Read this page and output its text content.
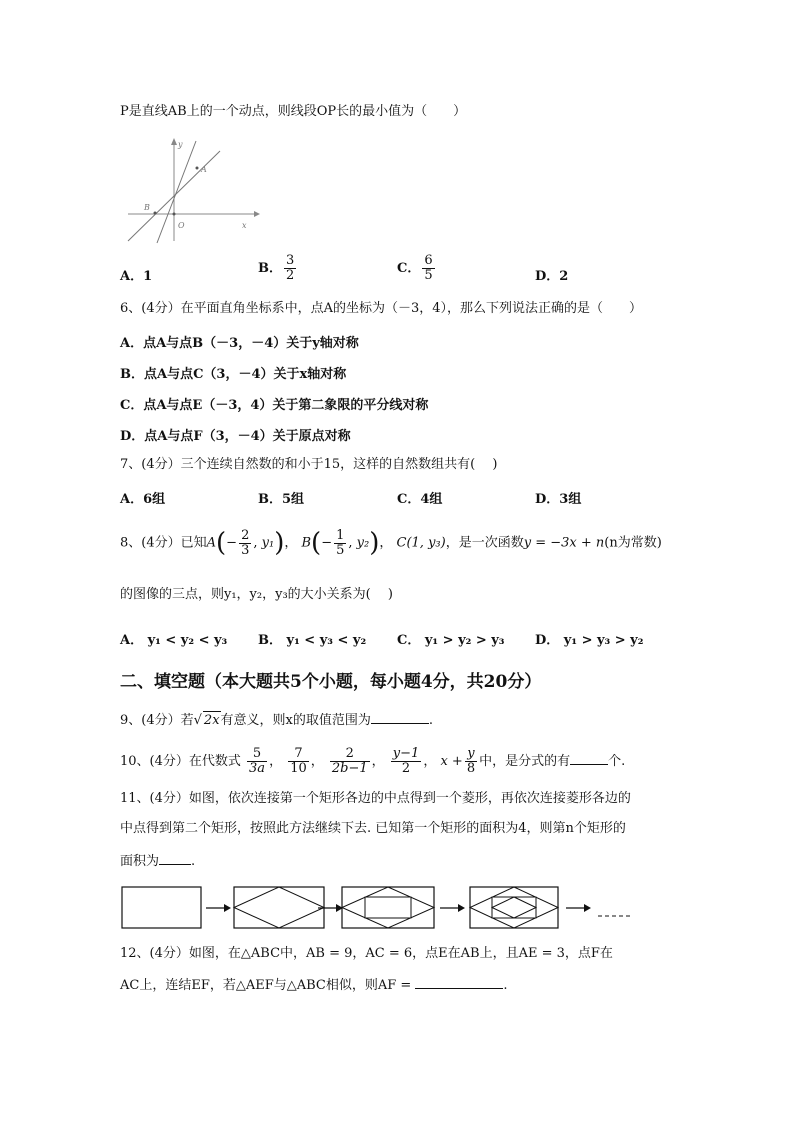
P是直线AB上的一个动点，则线段OP长的最小值为（　　）
A
B
O	x
y
A．1
B． $\frac{3}{2}$	C． $\frac{6}{5}$	D．2
6、(4分）在平面直角坐标系中，点A的坐标为（－3，4），那么下列说法正确的是（　　）
A．点A与点B（－3，－4）关于y轴对称
B．点A与点C（3，－4）关于x轴对称
C．点A与点E（－3，4）关于第二象限的平分线对称
D．点A与点F（3，－4）关于原点对称
7、(4分）三个连续自然数的和小于15，这样的自然数组共有(　 )
A．6组	B．5组	C．4组	D．3组
8、(4分）已知$A(- \frac{2}{3}$ , y₁)， $B(- \frac{1}{5}$ , y₂)， C(1, y₃)，是一次函数y = −3x + n(n为常数)
的图像的三点，则y₁，y₂，y₃的大小关系为(　 )
A． y₁ < y₂ < y₃ B． y₁ < y₃ < y₂ C． y₁ > y₂ > y₃ D． y₁ > y₃ > y₂
二、填空题（本大题共5个小题，每小题4分，共20分）
9、(4分）若√ 2x有意义，则x的取值范围为	.
10、(4分）在代数式 $\frac{5}{3a}$ ， $\frac{7}{10}$ ， $\frac{2}{2b-1}$ ， $\frac{y-1}{2}$ ， $x + \frac{y}{8}$ 中，是分式的有	个.
11、(4分）如图，依次连接第一个矩形各边的中点得到一个菱形，再依次连接菱形各边的
中点得到第二个矩形，按照此方法继续下去. 已知第一个矩形的面积为4，则第n个矩形的
面积为 .
12、(4分）如图，在△ABC中，AB = 9，AC = 6，点E在AB上，且AE = 3，点F在
AC上，连结EF，若△AEF与△ABC相似，则AF =	.
